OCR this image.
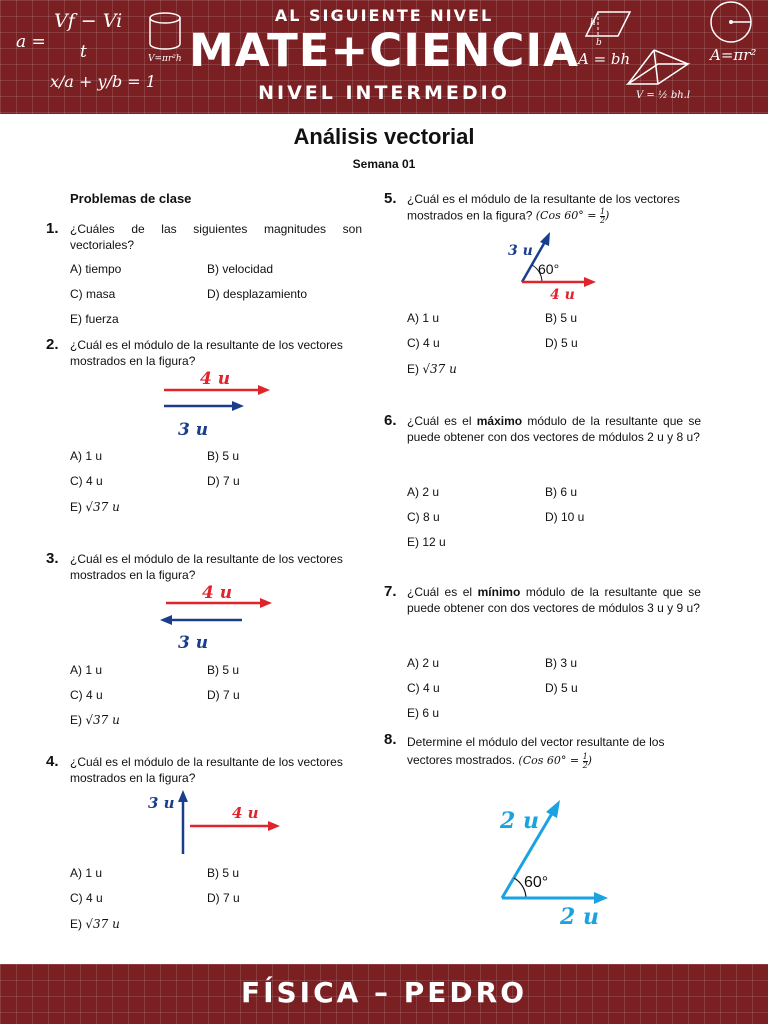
a =
Vf − Vi
t
x/a + y/b = 1
V=πr²h
AL SIGUIENTE NIVEL
MATE+CIENCIA
NIVEL INTERMEDIO
h
b
A = bh
V = ½ bh.l
A=πr²
Análisis vectorial
Semana 01
Problemas de clase
1. ¿Cuáles de las siguientes magnitudes son vectoriales?
A) tiempo	B) velocidad
C) masa	D) desplazamiento
E) fuerza
2. ¿Cuál es el módulo de la resultante de los vectores mostrados en la figura?
4 u
3 u
A) 1 u	B) 5 u
C) 4 u	D) 7 u
E) √37 u
3. ¿Cuál es el módulo de la resultante de los vectores mostrados en la figura?
4 u
3 u
A) 1 u	B) 5 u
C) 4 u	D) 7 u
E) √37 u
4. ¿Cuál es el módulo de la resultante de los vectores mostrados en la figura?
3 u
4 u
A) 1 u	B) 5 u
C) 4 u	D) 7 u
E) √37 u
5. ¿Cuál es el módulo de la resultante de los vectores mostrados en la figura? (Cos $60^\circ = \frac{1}{2}$ )
3 u
60°
4 u
A) 1 u	B) 5 u
C) 4 u	D) 5 u
E) √37 u
6. ¿Cuál es el máximo módulo de la resultante que se puede obtener con dos vectores de módulos 2 u y 8 u?
A) 2 u	B) 6 u
C) 8 u	D) 10 u
E) 12 u
7. ¿Cuál es el mínimo módulo de la resultante que se puede obtener con dos vectores de módulos 3 u y 9 u?
A) 2 u	B) 3 u
C) 4 u	D) 5 u
E) 6 u
8. Determine el módulo del vector resultante de los vectores mostrados. (Cos $60^\circ = \frac{1}{2}$ )
2 u
60°
2 u
FÍSICA – PEDRO
